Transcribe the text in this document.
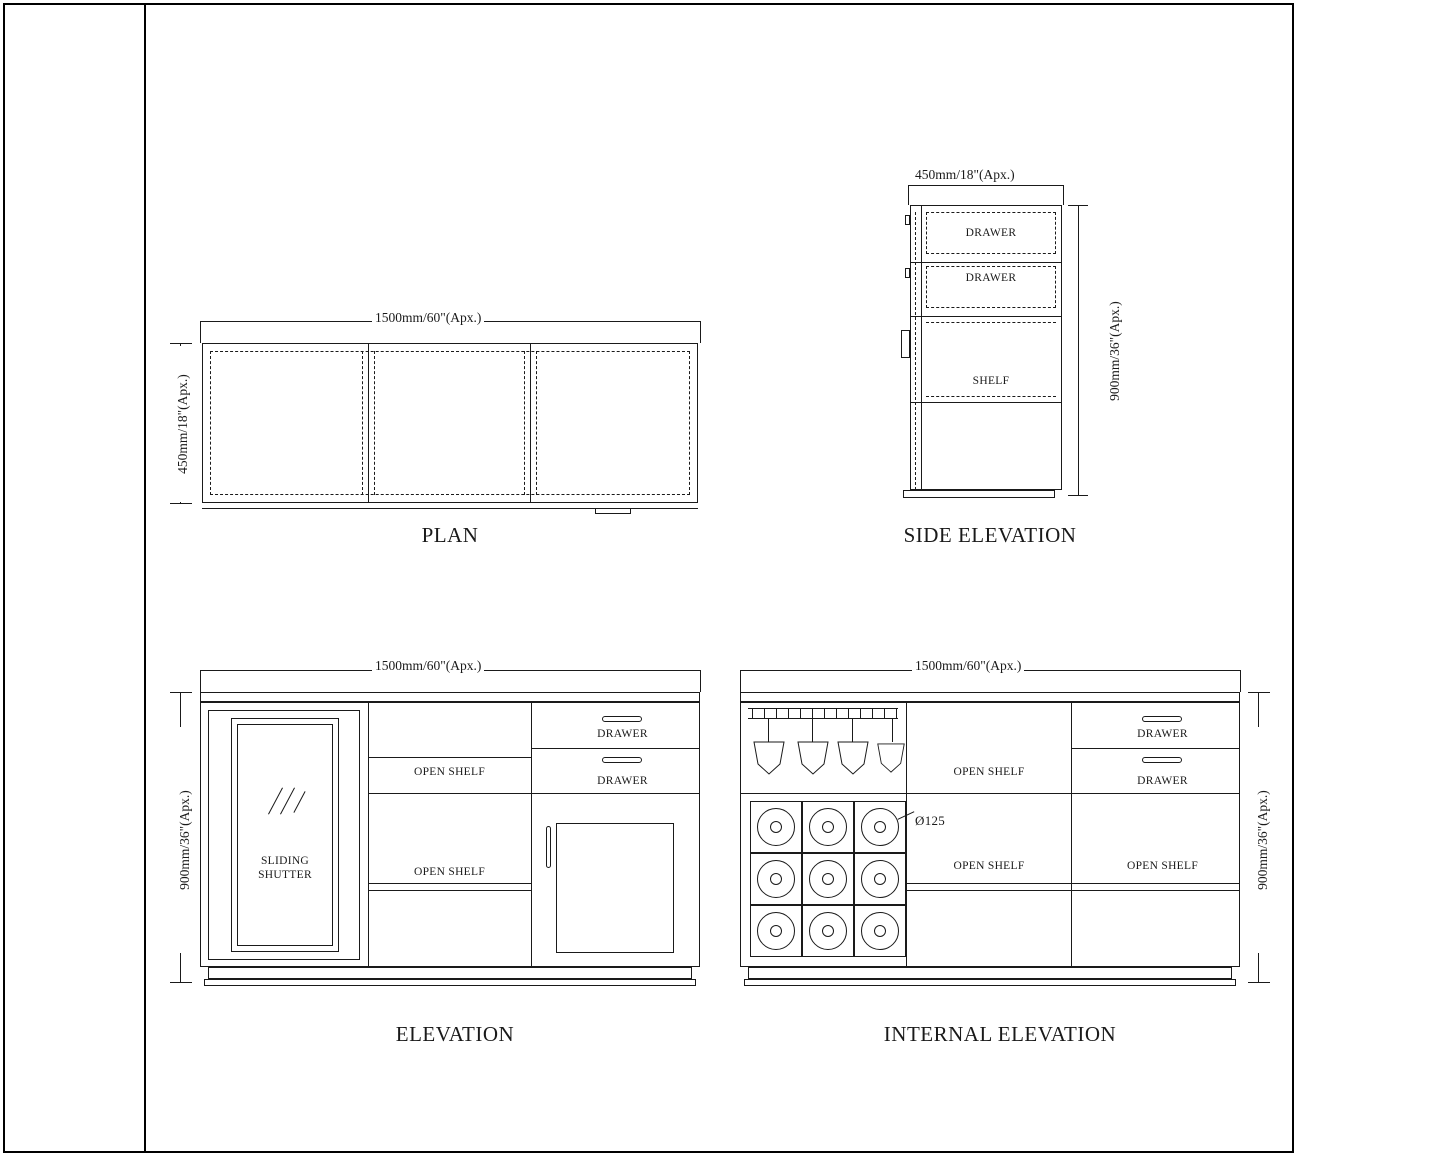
1500mm/60"(Apx.)
450mm/18"(Apx.)
PLAN
450mm/18"(Apx.)
900mm/36"(Apx.)
DRAWER
DRAWER
SHELF
SIDE ELEVATION
1500mm/60"(Apx.)
900mm/36"(Apx.)	SLIDING
SHUTTER
OPEN SHELF
OPEN SHELF
DRAWER
DRAWER
ELEVATION
1500mm/60"(Apx.)
900mm/36"(Apx.)
Ø125
OPEN SHELF
OPEN SHELF
DRAWER
DRAWER
OPEN SHELF
INTERNAL ELEVATION
